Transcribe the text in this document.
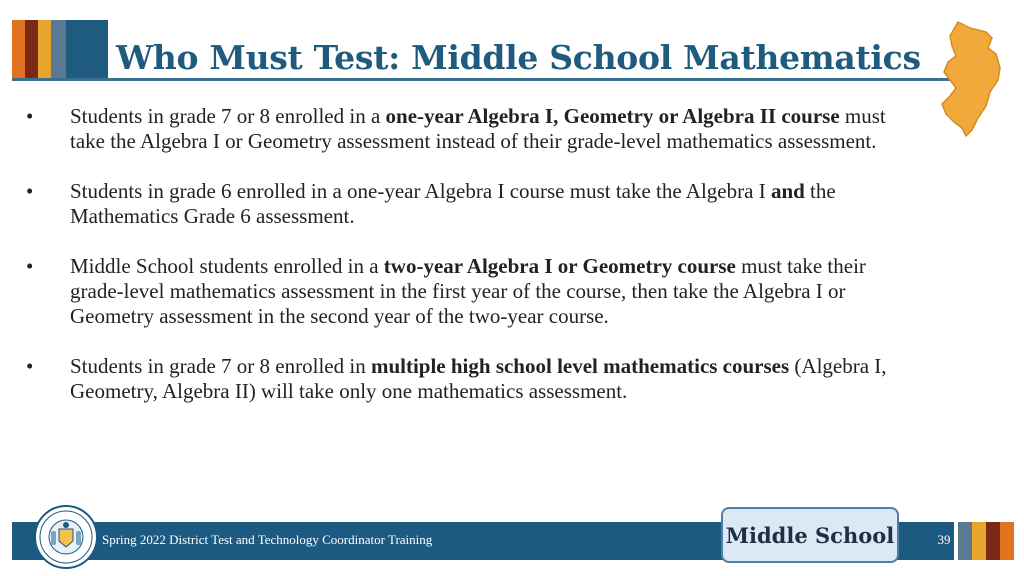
Who Must Test: Middle School Mathematics
• Students in grade 7 or 8 enrolled in a one-year Algebra I, Geometry or Algebra II course must take the Algebra I or Geometry assessment instead of their grade-level mathematics assessment.
• Students in grade 6 enrolled in a one-year Algebra I course must take the Algebra I and the Mathematics Grade 6 assessment.
• Middle School students enrolled in a two-year Algebra I or Geometry course must take their grade-level mathematics assessment in the first year of the course, then take the Algebra I or Geometry assessment in the second year of the two-year course.
• Students in grade 7 or 8 enrolled in multiple high school level mathematics courses (Algebra I, Geometry, Algebra II) will take only one mathematics assessment.
Spring 2022 District Test and Technology Coordinator Training	Middle School	39
